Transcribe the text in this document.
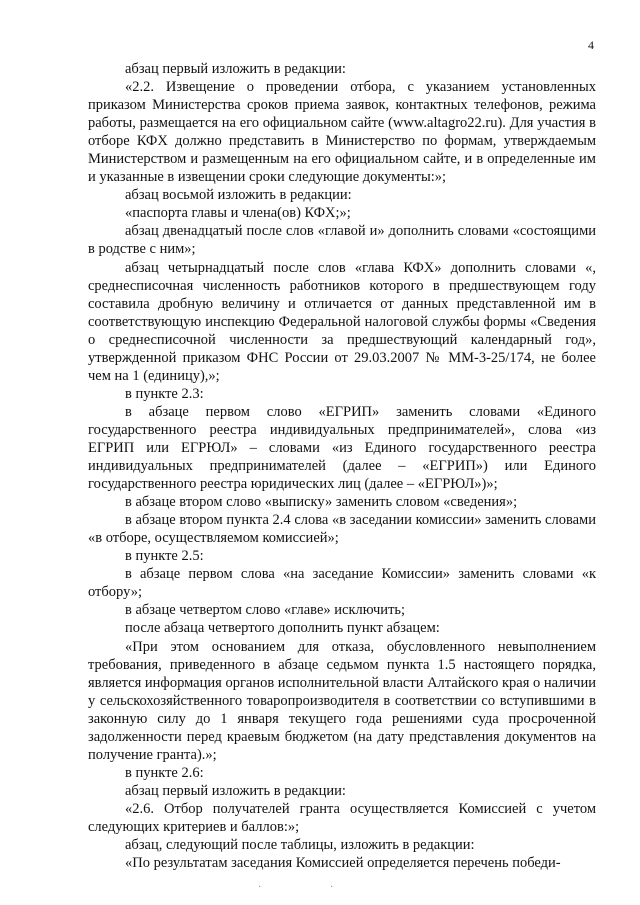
4

абзац первый изложить в редакции:

«2.2. Извещение о проведении отбора, с указанием установленных приказом Министерства сроков приема заявок, контактных телефонов, режима работы, размещается на его официальном сайте (www.altagro22.ru). Для участия в отборе КФХ должно представить в Министерство по формам, утверждаемым Министерством и размещенным на его официальном сайте, и в определенные им и указанные в извещении сроки следующие документы:»;

абзац восьмой изложить в редакции:

«паспорта главы и члена(ов) КФХ;»;

абзац двенадцатый после слов «главой и» дополнить словами «состоящими в родстве с ним»;

абзац четырнадцатый после слов «глава КФХ» дополнить словами «, среднесписочная численность работников которого в предшествующем году составила дробную величину и отличается от данных представленной им в соответствующую инспекцию Федеральной налоговой службы формы «Сведения о среднесписочной численности за предшествующий календарный год», утвержденной приказом ФНС России от 29.03.2007 № ММ-3-25/174, не более чем на 1 (единицу),»;

в пункте 2.3:

в абзаце первом слово «ЕГРИП» заменить словами «Единого государственного реестра индивидуальных предпринимателей», слова «из ЕГРИП или ЕГРЮЛ» – словами «из Единого государственного реестра индивидуальных предпринимателей (далее – «ЕГРИП») или Единого государственного реестра юридических лиц (далее – «ЕГРЮЛ»)»;

в абзаце втором слово «выписку» заменить словом «сведения»;

в абзаце втором пункта 2.4 слова «в заседании комиссии» заменить словами «в отборе, осуществляемом комиссией»;

в пункте 2.5:

в абзаце первом слова «на заседание Комиссии» заменить словами «к отбору»;

в абзаце четвертом слово «главе» исключить;

после абзаца четвертого дополнить пункт абзацем:

«При этом основанием для отказа, обусловленного невыполнением требования, приведенного в абзаце седьмом пункта 1.5 настоящего порядка, является информация органов исполнительной власти Алтайского края о наличии у сельскохозяйственного товаропроизводителя в соответствии со вступившими в законную силу до 1 января текущего года решениями суда просроченной задолженности перед краевым бюджетом (на дату представления документов на получение гранта).»;

в пункте 2.6:

абзац первый изложить в редакции:

«2.6. Отбор получателей гранта осуществляется Комиссией с учетом следующих критериев и баллов:»;

абзац, следующий после таблицы, изложить в редакции:

«По результатам заседания Комиссией определяется перечень победи-

·	·
